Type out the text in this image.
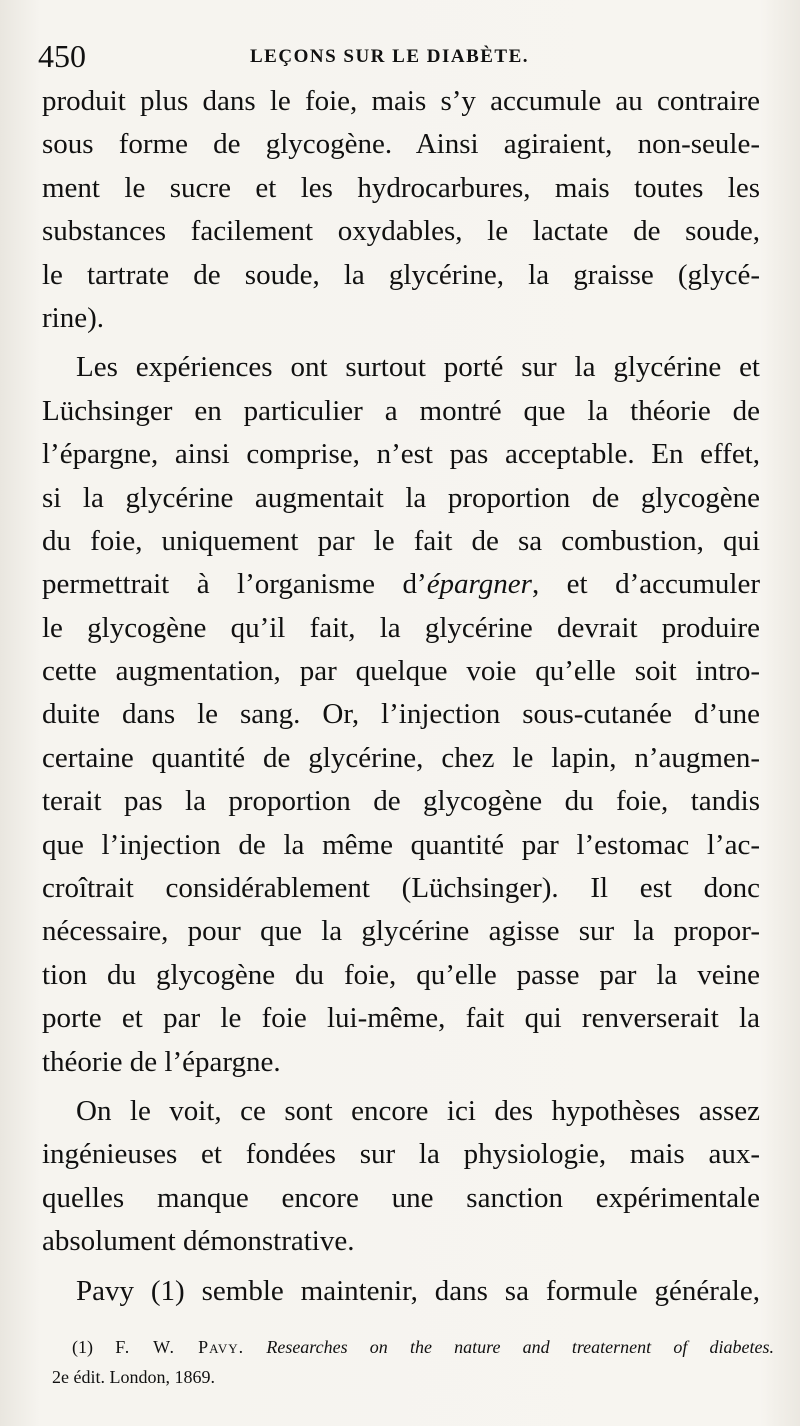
450	LEÇONS SUR LE DIABÈTE.
produit plus dans le foie, mais s’y accumule au contraire
sous forme de glycogène. Ainsi agiraient, non-seule-
ment le sucre et les hydrocarbures, mais toutes les
substances facilement oxydables, le lactate de soude,
le tartrate de soude, la glycérine, la graisse (glycé-
rine).
Les expériences ont surtout porté sur la glycérine et
Lüchsinger en particulier a montré que la théorie de
l’épargne, ainsi comprise, n’est pas acceptable. En effet,
si la glycérine augmentait la proportion de glycogène
du foie, uniquement par le fait de sa combustion, qui
permettrait à l’organisme d’épargner, et d’accumuler
le glycogène qu’il fait, la glycérine devrait produire
cette augmentation, par quelque voie qu’elle soit intro-
duite dans le sang. Or, l’injection sous-cutanée d’une
certaine quantité de glycérine, chez le lapin, n’augmen-
terait pas la proportion de glycogène du foie, tandis
que l’injection de la même quantité par l’estomac l’ac-
croîtrait considérablement (Lüchsinger). Il est donc
nécessaire, pour que la glycérine agisse sur la propor-
tion du glycogène du foie, qu’elle passe par la veine
porte et par le foie lui-même, fait qui renverserait la
théorie de l’épargne.
On le voit, ce sont encore ici des hypothèses assez
ingénieuses et fondées sur la physiologie, mais aux-
quelles manque encore une sanction expérimentale
absolument démonstrative.
Pavy (1) semble maintenir, dans sa formule générale,
(1) F. W. Pavy. Researches on the nature and treaternent of diabetes.
2e édit. London, 1869.
